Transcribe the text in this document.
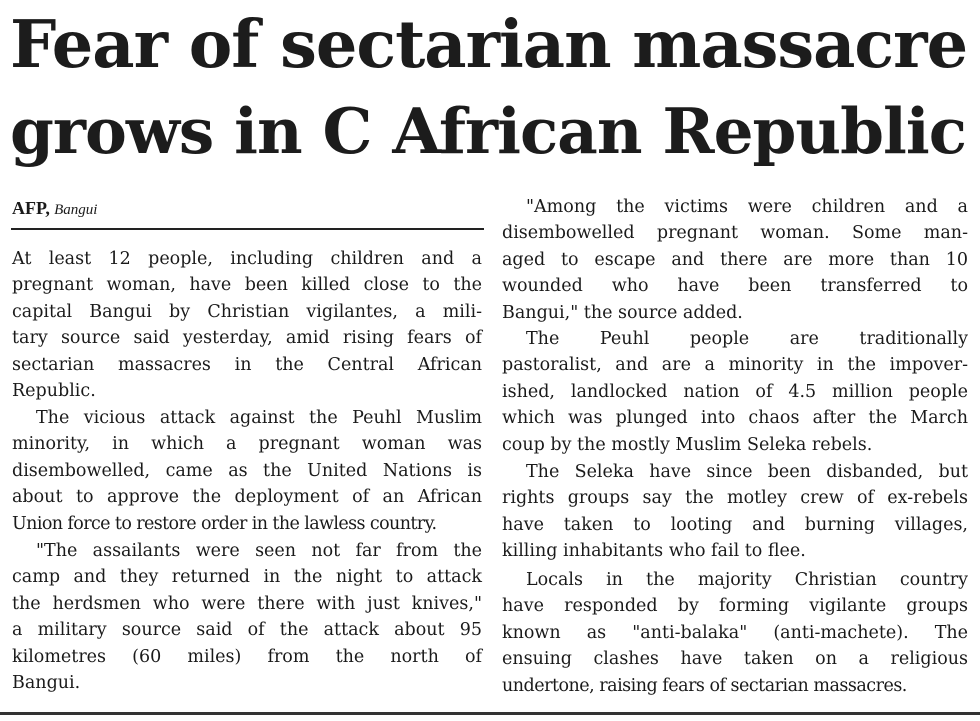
Fear of sectarian massacre
grows in C African Republic
AFP, Bangui

At least 12 people, including children and a
pregnant woman, have been killed close to the
capital Bangui by Christian vigilantes, a mili-
tary source said yesterday, amid rising fears of
sectarian massacres in the Central African
Republic.

The vicious attack against the Peuhl Muslim
minority, in which a pregnant woman was
disembowelled, came as the United Nations is
about to approve the deployment of an African
Union force to restore order in the lawless country.

"The assailants were seen not far from the
camp and they returned in the night to attack
the herdsmen who were there with just knives,"
a military source said of the attack about 95
kilometres (60 miles) from the north of
Bangui.

"Among the victims were children and a
disembowelled pregnant woman. Some man-
aged to escape and there are more than 10
wounded who have been transferred to
Bangui," the source added.

The Peuhl people are traditionally
pastoralist, and are a minority in the impover-
ished, landlocked nation of 4.5 million people
which was plunged into chaos after the March
coup by the mostly Muslim Seleka rebels.

The Seleka have since been disbanded, but
rights groups say the motley crew of ex-rebels
have taken to looting and burning villages,
killing inhabitants who fail to flee.

Locals in the majority Christian country
have responded by forming vigilante groups
known as "anti-balaka" (anti-machete). The
ensuing clashes have taken on a religious
undertone, raising fears of sectarian massacres.
